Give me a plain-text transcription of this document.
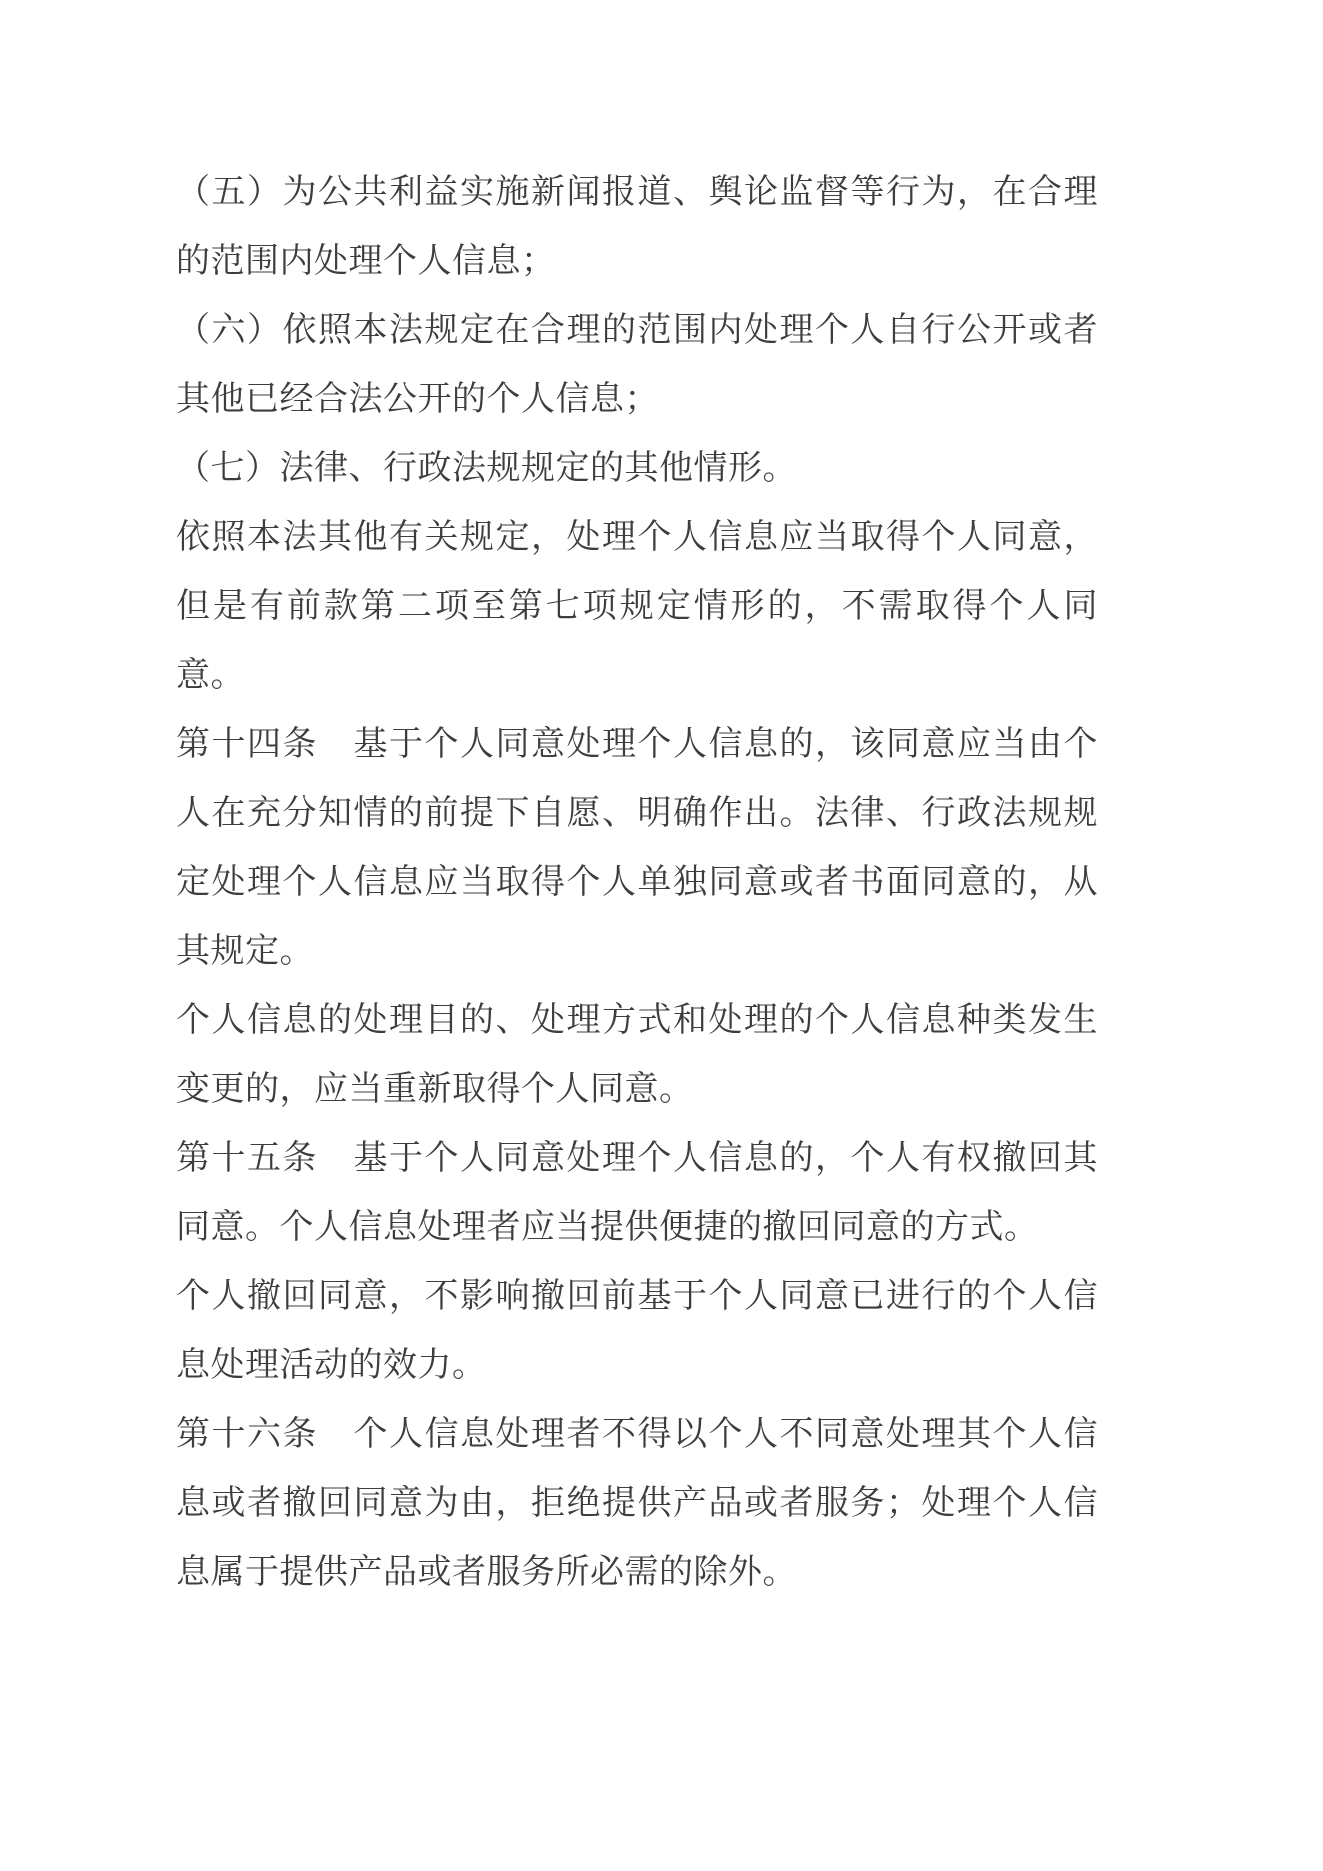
（五）为公共利益实施新闻报道、舆论监督等行为，在合理的范围内处理个人信息；

（六）依照本法规定在合理的范围内处理个人自行公开或者其他已经合法公开的个人信息；

（七）法律、行政法规规定的其他情形。

依照本法其他有关规定，处理个人信息应当取得个人同意，但是有前款第二项至第七项规定情形的，不需取得个人同意。

第十四条　基于个人同意处理个人信息的，该同意应当由个人在充分知情的前提下自愿、明确作出。法律、行政法规规定处理个人信息应当取得个人单独同意或者书面同意的，从其规定。

个人信息的处理目的、处理方式和处理的个人信息种类发生变更的，应当重新取得个人同意。

第十五条　基于个人同意处理个人信息的，个人有权撤回其同意。个人信息处理者应当提供便捷的撤回同意的方式。

个人撤回同意，不影响撤回前基于个人同意已进行的个人信息处理活动的效力。

第十六条　个人信息处理者不得以个人不同意处理其个人信息或者撤回同意为由，拒绝提供产品或者服务；处理个人信息属于提供产品或者服务所必需的除外。
